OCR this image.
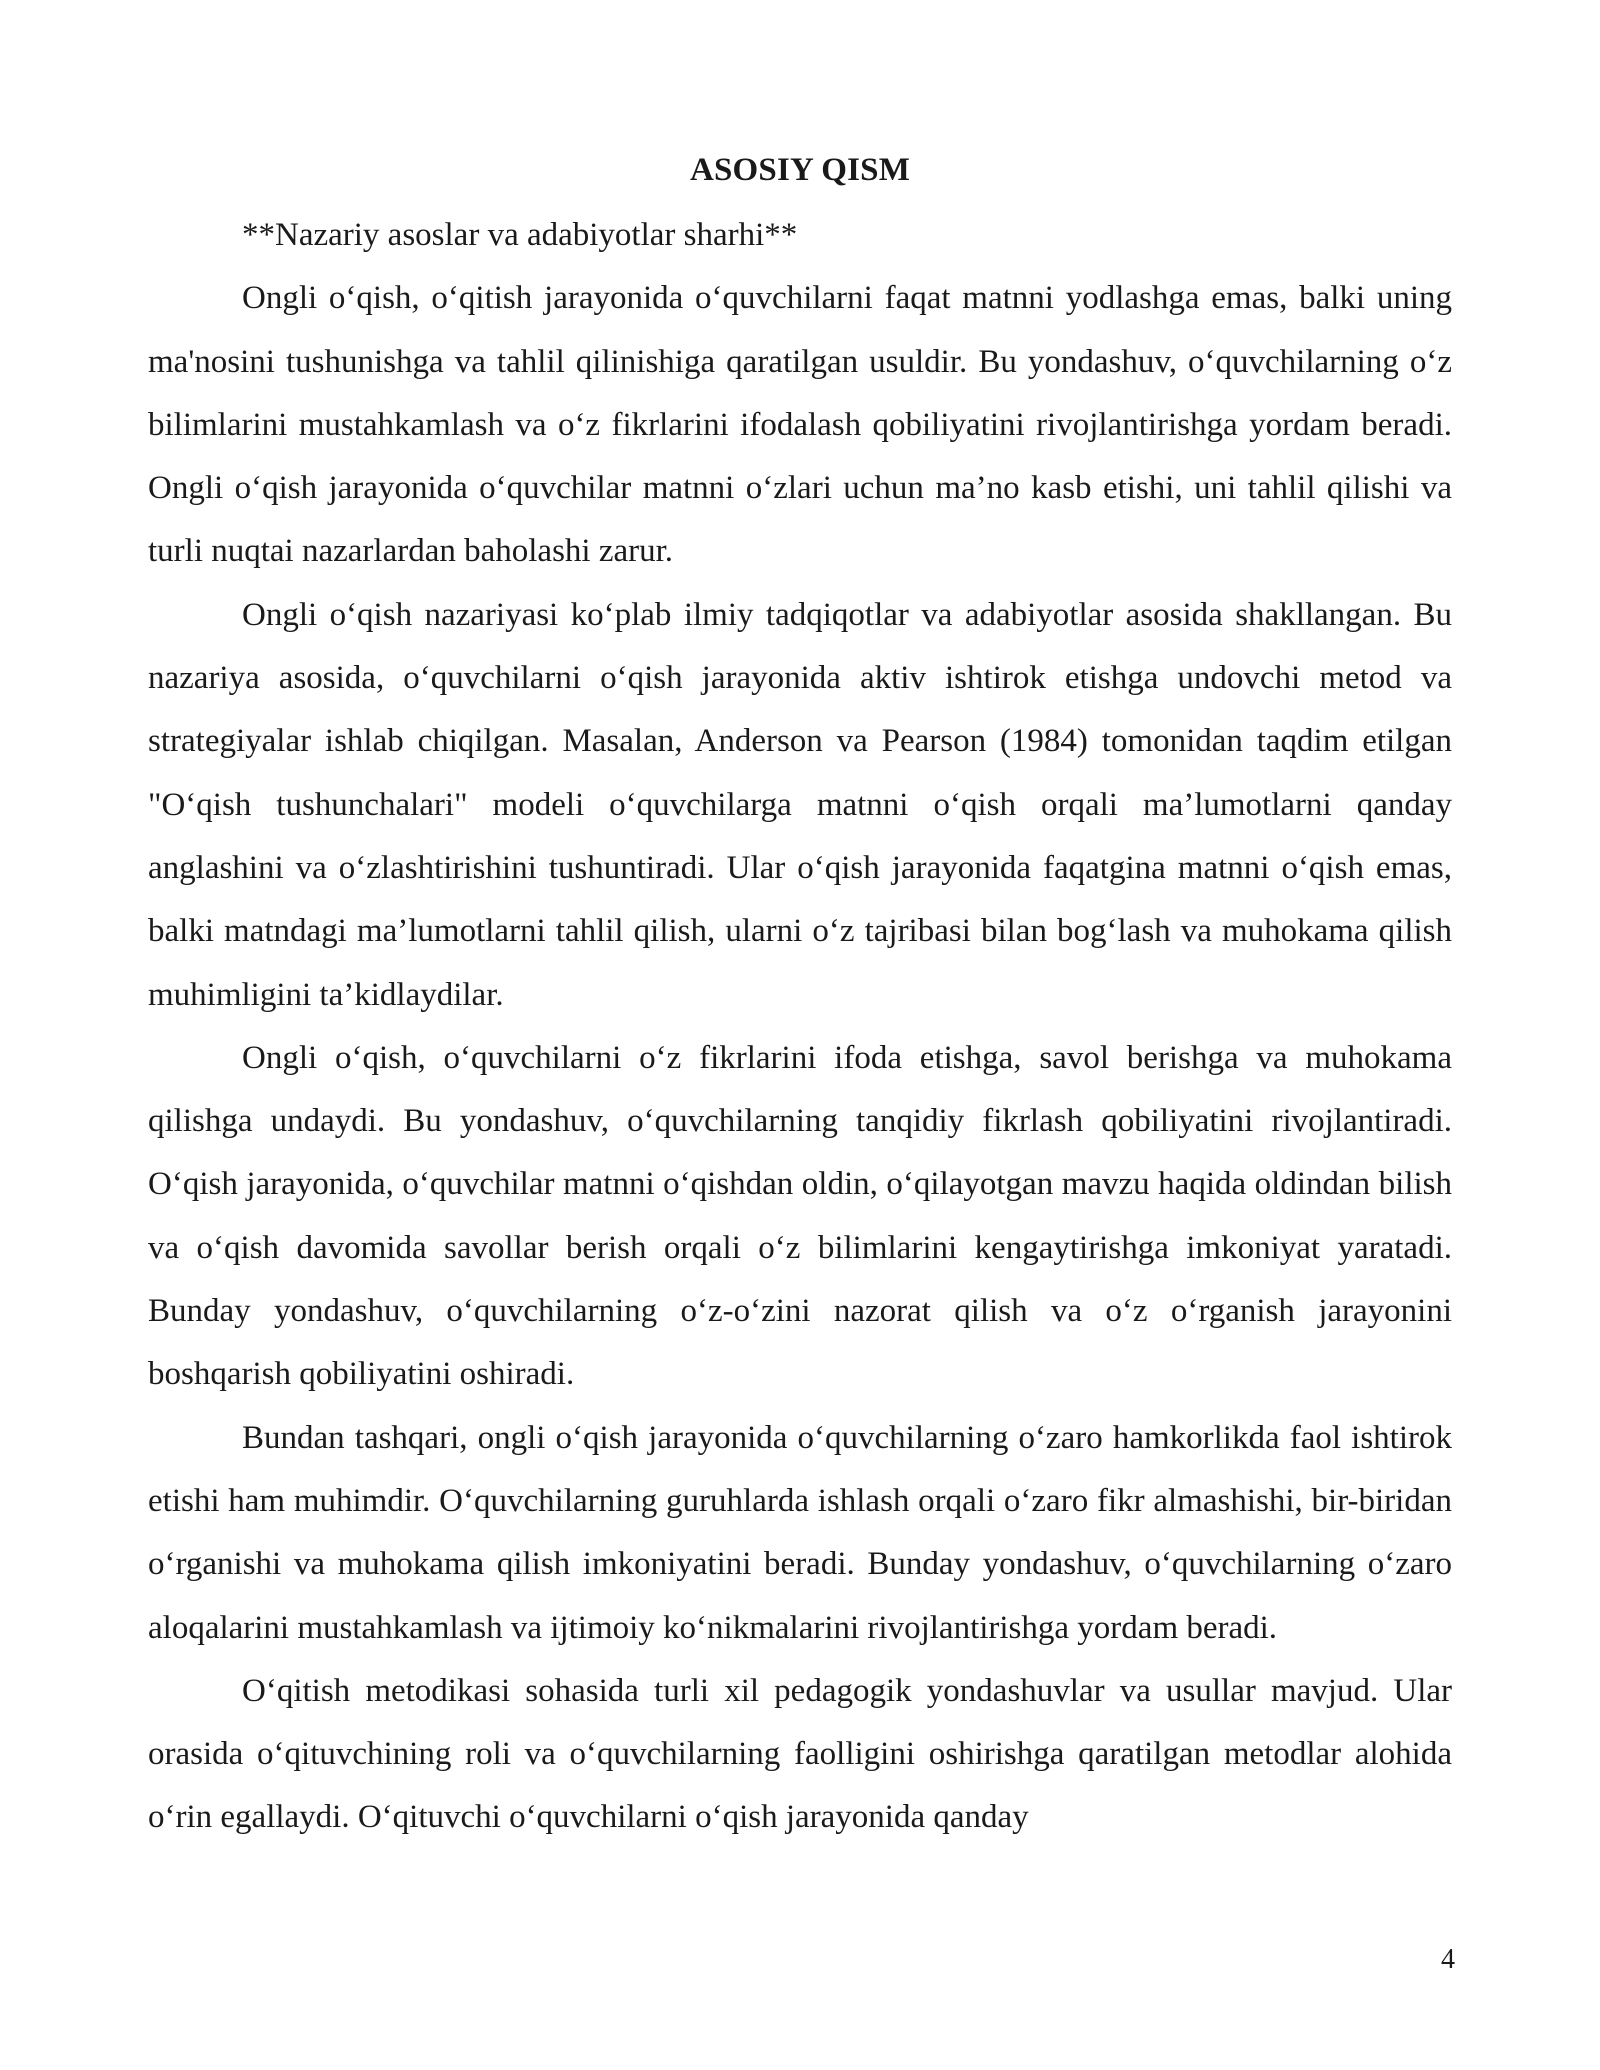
ASOSIY QISM

**Nazariy asoslar va adabiyotlar sharhi**

Ongli o‘qish, o‘qitish jarayonida o‘quvchilarni faqat matnni yodlashga emas, balki uning ma'nosini tushunishga va tahlil qilinishiga qaratilgan usuldir. Bu yondashuv, o‘quvchilarning o‘z bilimlarini mustahkamlash va o‘z fikrlarini ifodalash qobiliyatini rivojlantirishga yordam beradi. Ongli o‘qish jarayonida o‘quvchilar matnni o‘zlari uchun ma’no kasb etishi, uni tahlil qilishi va turli nuqtai nazarlardan baholashi zarur.

Ongli o‘qish nazariyasi ko‘plab ilmiy tadqiqotlar va adabiyotlar asosida shakllangan. Bu nazariya asosida, o‘quvchilarni o‘qish jarayonida aktiv ishtirok etishga undovchi metod va strategiyalar ishlab chiqilgan. Masalan, Anderson va Pearson (1984) tomonidan taqdim etilgan "O‘qish tushunchalari" modeli o‘quvchilarga matnni o‘qish orqali ma’lumotlarni qanday anglashini va o‘zlashtirishini tushuntiradi. Ular o‘qish jarayonida faqatgina matnni o‘qish emas, balki matndagi ma’lumotlarni tahlil qilish, ularni o‘z tajribasi bilan bog‘lash va muhokama qilish muhimligini ta’kidlaydilar.

Ongli o‘qish, o‘quvchilarni o‘z fikrlarini ifoda etishga, savol berishga va muhokama qilishga undaydi. Bu yondashuv, o‘quvchilarning tanqidiy fikrlash qobiliyatini rivojlantiradi. O‘qish jarayonida, o‘quvchilar matnni o‘qishdan oldin, o‘qilayotgan mavzu haqida oldindan bilish va o‘qish davomida savollar berish orqali o‘z bilimlarini kengaytirishga imkoniyat yaratadi. Bunday yondashuv, o‘quvchilarning o‘z-o‘zini nazorat qilish va o‘z o‘rganish jarayonini boshqarish qobiliyatini oshiradi.

Bundan tashqari, ongli o‘qish jarayonida o‘quvchilarning o‘zaro hamkorlikda faol ishtirok etishi ham muhimdir. O‘quvchilarning guruhlarda ishlash orqali o‘zaro fikr almashishi, bir-biridan o‘rganishi va muhokama qilish imkoniyatini beradi. Bunday yondashuv, o‘quvchilarning o‘zaro aloqalarini mustahkamlash va ijtimoiy ko‘nikmalarini rivojlantirishga yordam beradi.

O‘qitish metodikasi sohasida turli xil pedagogik yondashuvlar va usullar mavjud. Ular orasida o‘qituvchining roli va o‘quvchilarning faolligini oshirishga qaratilgan metodlar alohida o‘rin egallaydi. O‘qituvchi o‘quvchilarni o‘qish jarayonida qanday

4
